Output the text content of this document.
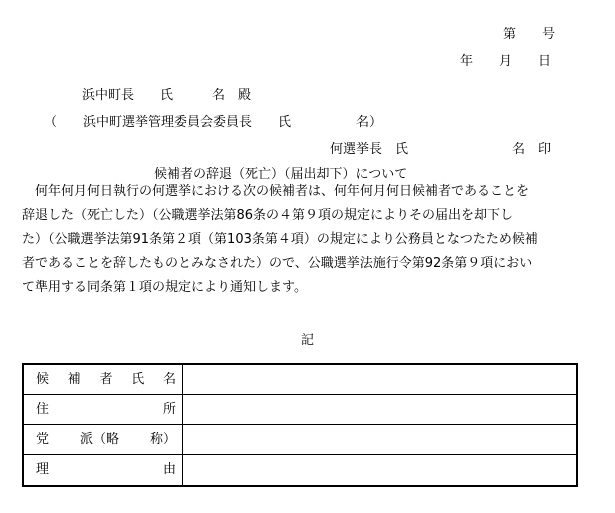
第　　号
年　　月　　日
浜中町長　　氏　　　名　殿
（　　浜中町選挙管理委員会委員長　　氏　　　　　名）
何選挙長　氏　　　　　　　　名　印
候補者の辞退（死亡）（届出却下）について
　何年何月何日執行の何選挙における次の候補者は、何年何月何日候補者であることを
辞退した（死亡した）（公職選挙法第86条の４第９項の規定によりその届出を却下し
た）（公職選挙法第91条第２項（第103条第４項）の規定により公務員となつたため候補
者であることを辞したものとみなされた）ので、公職選挙法施行令第92条第９項におい
て準用する同条第１項の規定により通知します。
記
候 補 者 氏 名	

住 所	

党 派（略 称）	

理 由	
